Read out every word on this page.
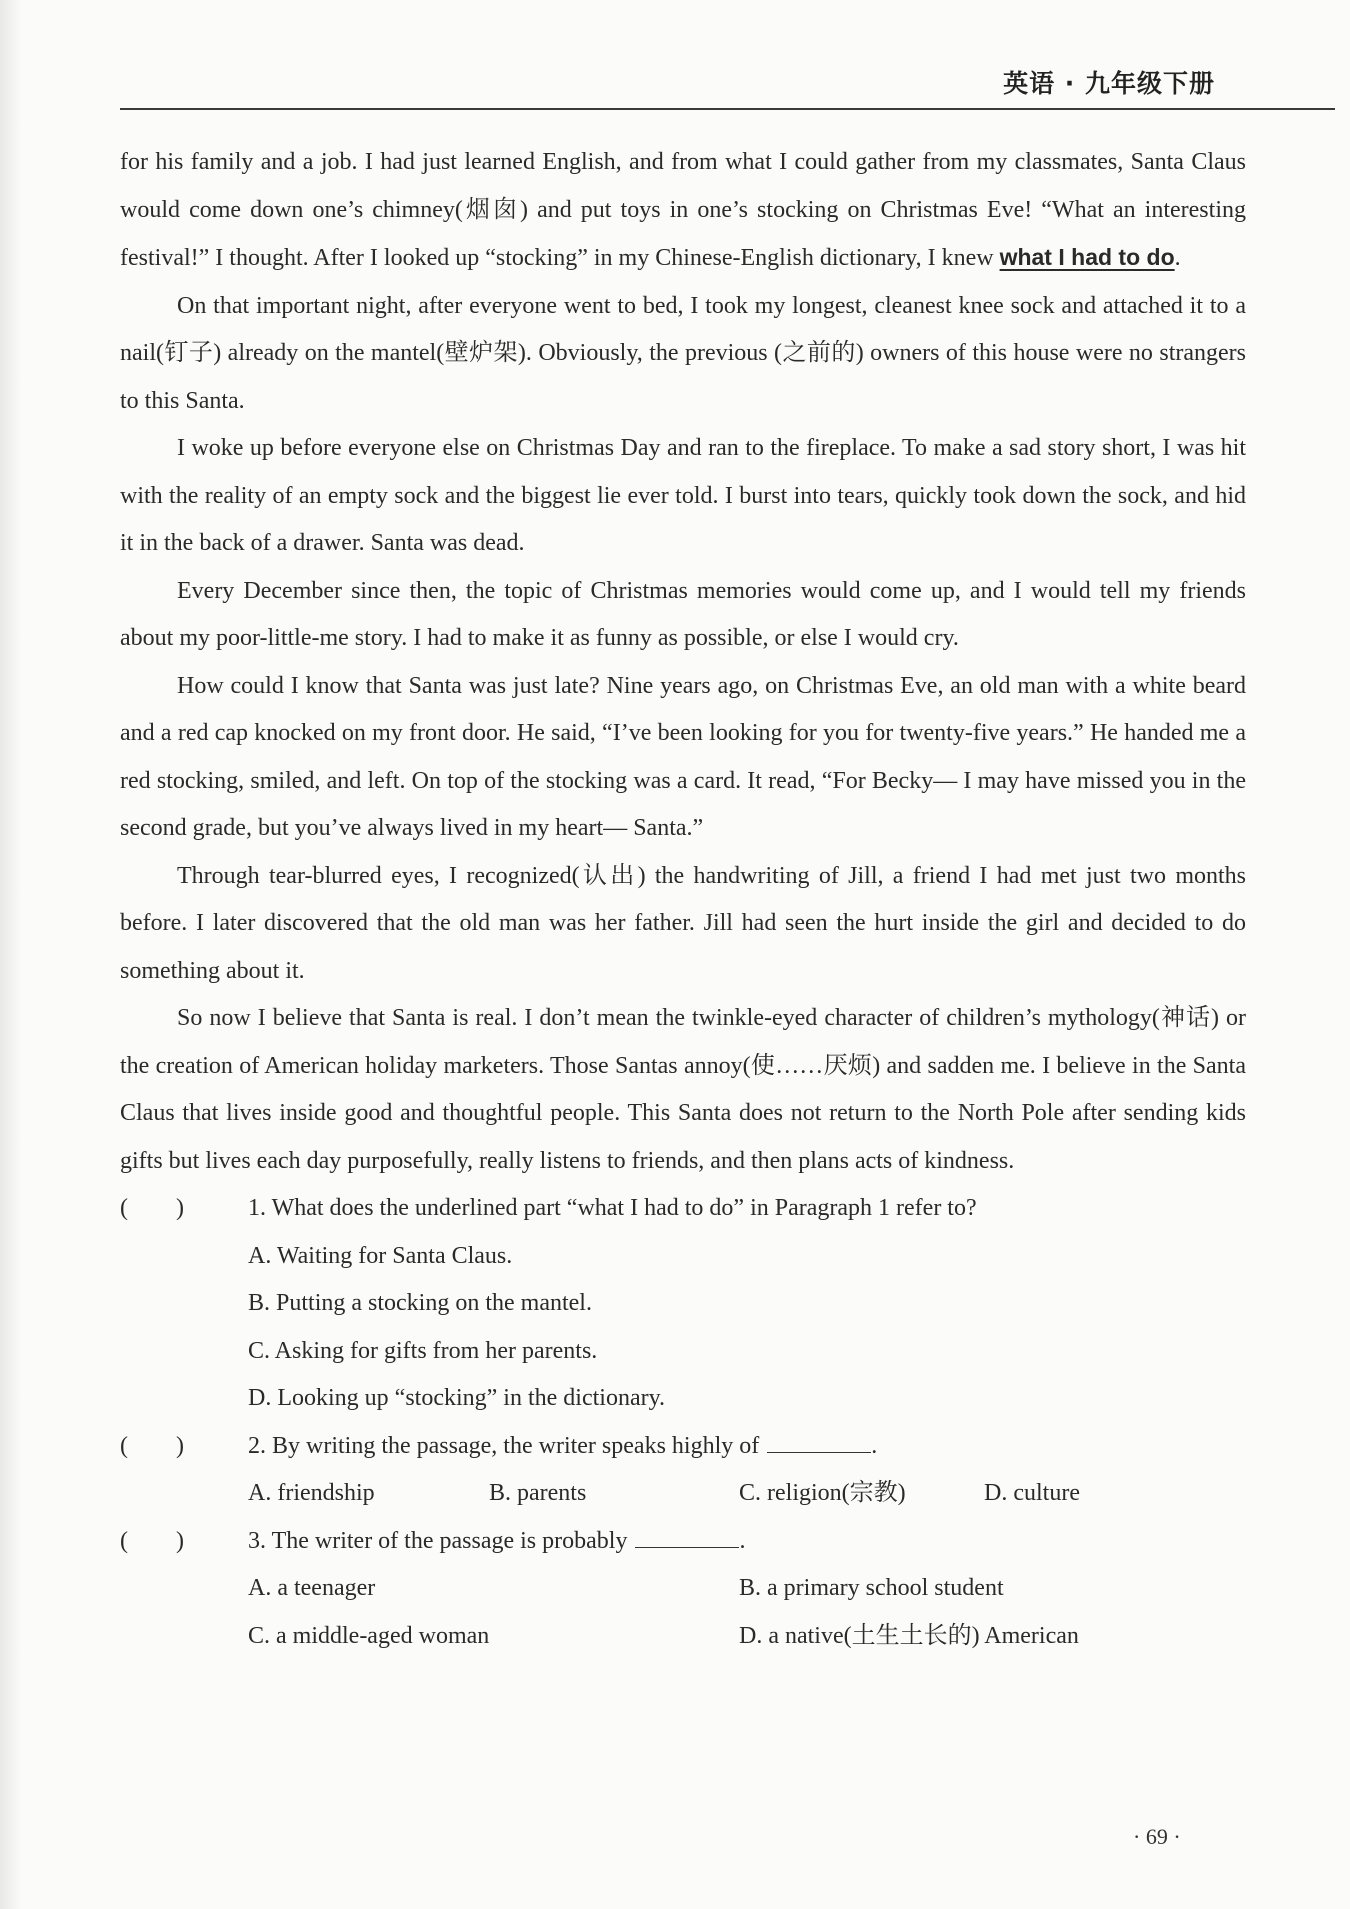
英语 · 九年级下册

for his family and a job. I had just learned English, and from what I could gather from my classmates, Santa Claus would come down one’s chimney(烟囱) and put toys in one’s stocking on Christmas Eve! “What an interesting festival!” I thought. After I looked up “stocking” in my Chinese-English dictionary, I knew what I had to do.

On that important night, after everyone went to bed, I took my longest, cleanest knee sock and attached it to a nail(钉子) already on the mantel(壁炉架). Obviously, the previous (之前的) owners of this house were no strangers to this Santa.

I woke up before everyone else on Christmas Day and ran to the fireplace. To make a sad story short, I was hit with the reality of an empty sock and the biggest lie ever told. I burst into tears, quickly took down the sock, and hid it in the back of a drawer. Santa was dead.

Every December since then, the topic of Christmas memories would come up, and I would tell my friends about my poor-little-me story. I had to make it as funny as possible, or else I would cry.

How could I know that Santa was just late? Nine years ago, on Christmas Eve, an old man with a white beard and a red cap knocked on my front door. He said, “I’ve been looking for you for twenty-five years.” He handed me a red stocking, smiled, and left. On top of the stocking was a card. It read, “For Becky— I may have missed you in the second grade, but you’ve always lived in my heart— Santa.”

Through tear-blurred eyes, I recognized(认出) the handwriting of Jill, a friend I had met just two months before. I later discovered that the old man was her father. Jill had seen the hurt inside the girl and decided to do something about it.

So now I believe that Santa is real. I don’t mean the twinkle-eyed character of children’s mythology(神话) or the creation of American holiday marketers. Those Santas annoy(使……厌烦) and sadden me. I believe in the Santa Claus that lives inside good and thoughtful people. This Santa does not return to the North Pole after sending kids gifts but lives each day purposefully, really listens to friends, and then plans acts of kindness.

(　　)	1. What does the underlined part “what I had to do” in Paragraph 1 refer to?
A. Waiting for Santa Claus.
B. Putting a stocking on the mantel.
C. Asking for gifts from her parents.
D. Looking up “stocking” in the dictionary.
(　　)	2. By writing the passage, the writer speaks highly of	.
A. friendship	B. parents	C. religion(宗教)	D. culture
(　　)	3. The writer of the passage is probably	.
A. a teenager	B. a primary school student
C. a middle-aged woman	D. a native(土生土长的) American
· 69 ·
